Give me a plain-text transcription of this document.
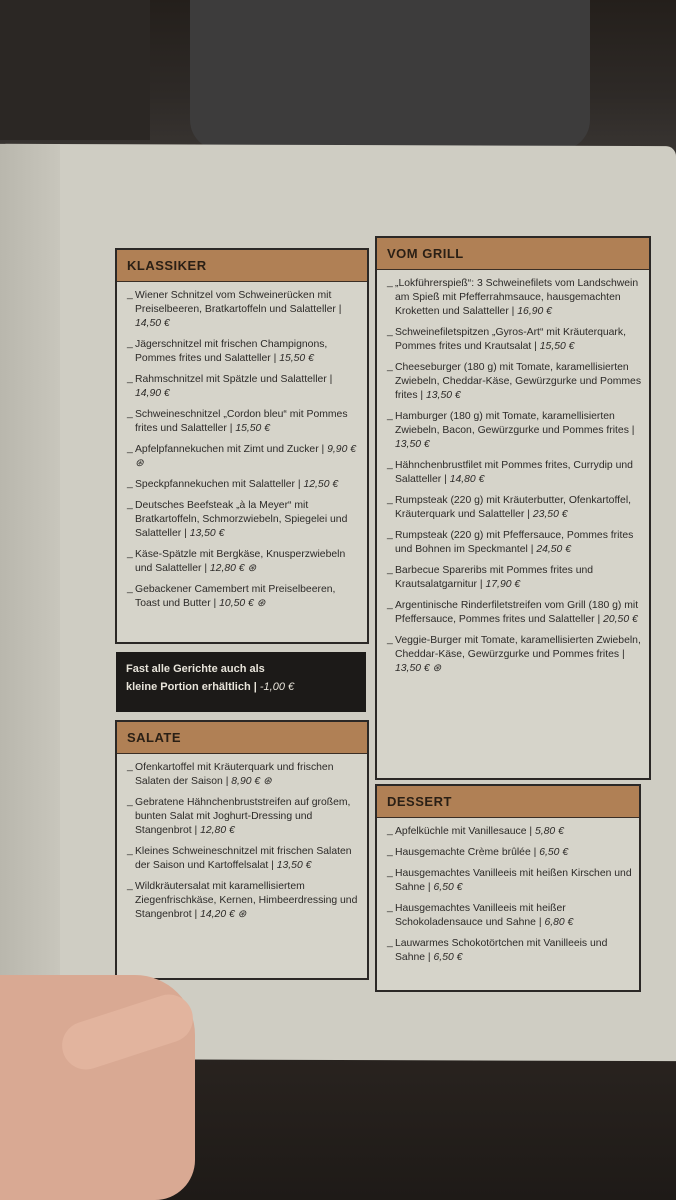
KLASSIKER
_ Wiener Schnitzel vom Schweinerücken mit Preiselbeeren, Bratkartoffeln und Salatteller | 14,50 €
_ Jägerschnitzel mit frischen Champignons, Pommes frites und Salatteller | 15,50 €
_ Rahmschnitzel mit Spätzle und Salatteller | 14,90 €
_ Schweineschnitzel „Cordon bleu“ mit Pommes frites und Salatteller | 15,50 €
_ Apfelpfannekuchen mit Zimt und Zucker | 9,90 € ⊛
_ Speckpfannekuchen mit Salatteller | 12,50 €
_ Deutsches Beefsteak „à la Meyer“ mit Bratkartoffeln, Schmorzwiebeln, Spiegelei und Salatteller | 13,50 €
_ Käse-Spätzle mit Bergkäse, Knusperzwiebeln und Salatteller | 12,80 € ⊛
_ Gebackener Camembert mit Preiselbeeren, Toast und Butter | 10,50 € ⊛
Fast alle Gerichte auch als
kleine Portion erhältlich | -1,00 €
SALATE
_ Ofenkartoffel mit Kräuterquark und frischen Salaten der Saison | 8,90 € ⊛
_ Gebratene Hähnchenbruststreifen auf großem, bunten Salat mit Joghurt-Dressing und Stangenbrot | 12,80 €
_ Kleines Schweineschnitzel mit frischen Salaten der Saison und Kartoffelsalat | 13,50 €
_ Wildkräutersalat mit karamellisiertem Ziegenfrischkäse, Kernen, Himbeerdressing und Stangenbrot | 14,20 € ⊛
VOM GRILL
_ „Lokführerspieß“: 3 Schweinefilets vom Landschwein am Spieß mit Pfefferrahmsauce, hausgemachten Kroketten und Salatteller | 16,90 €
_ Schweinefiletspitzen „Gyros-Art“ mit Kräuterquark, Pommes frites und Krautsalat | 15,50 €
_ Cheeseburger (180 g) mit Tomate, karamellisierten Zwiebeln, Cheddar-Käse, Gewürzgurke und Pommes frites | 13,50 €
_ Hamburger (180 g) mit Tomate, karamellisierten Zwiebeln, Bacon, Gewürzgurke und Pommes frites | 13,50 €
_ Hähnchenbrustfilet mit Pommes frites, Currydip und Salatteller | 14,80 €
_ Rumpsteak (220 g) mit Kräuterbutter, Ofenkartoffel, Kräuterquark und Salatteller | 23,50 €
_ Rumpsteak (220 g) mit Pfeffersauce, Pommes frites und Bohnen im Speckmantel | 24,50 €
_ Barbecue Spareribs mit Pommes frites und Krautsalatgarnitur | 17,90 €
_ Argentinische Rinderfiletstreifen vom Grill (180 g) mit Pfeffersauce, Pommes frites und Salatteller | 20,50 €
_ Veggie-Burger mit Tomate, karamellisierten Zwiebeln, Cheddar-Käse, Gewürzgurke und Pommes frites | 13,50 € ⊛
DESSERT
_ Apfelküchle mit Vanillesauce | 5,80 €
_ Hausgemachte Crème brûlée | 6,50 €
_ Hausgemachtes Vanilleeis mit heißen Kirschen und Sahne | 6,50 €
_ Hausgemachtes Vanilleeis mit heißer Schokoladensauce und Sahne | 6,80 €
_ Lauwarmes Schokotörtchen mit Vanilleeis und Sahne | 6,50 €
